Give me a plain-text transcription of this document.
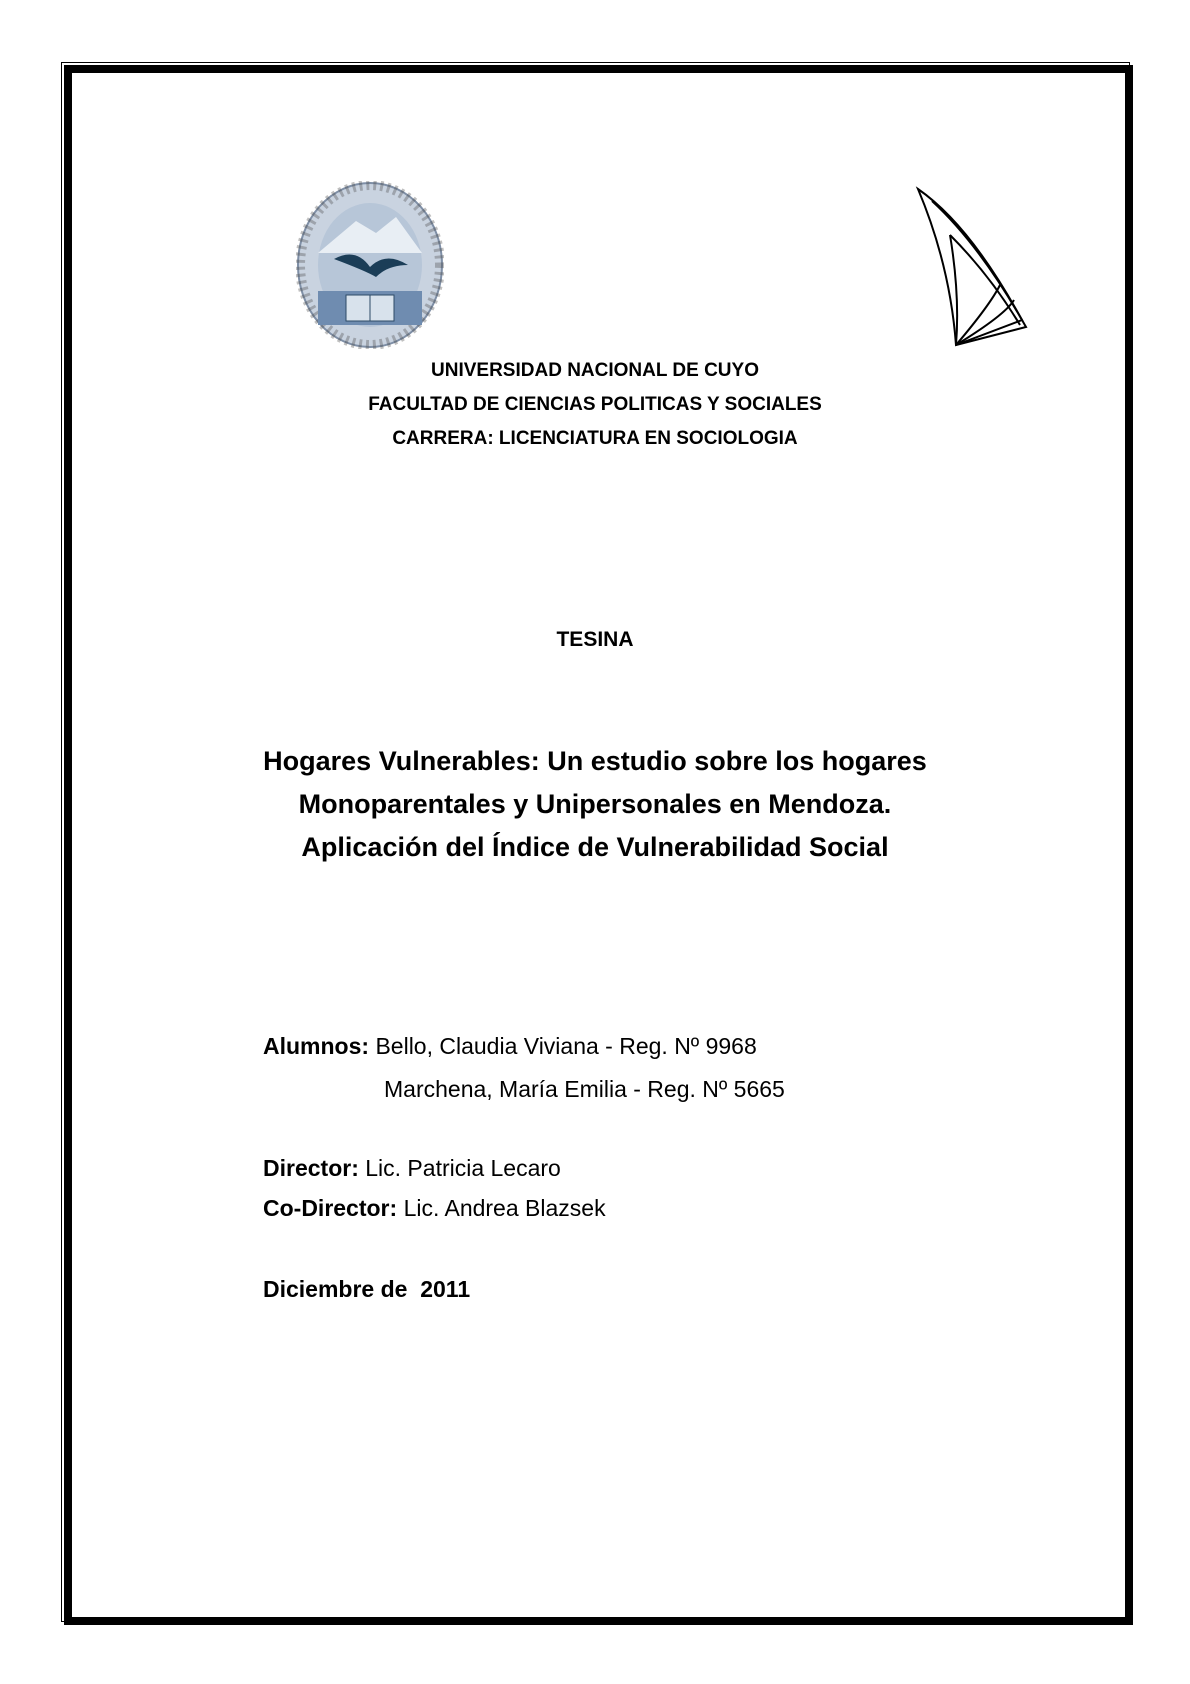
UNIVERSIDAD NACIONAL DE CUYO
FACULTAD DE CIENCIAS POLITICAS Y SOCIALES
CARRERA: LICENCIATURA EN SOCIOLOGIA
TESINA
Hogares Vulnerables: Un estudio sobre los hogares
Monoparentales y Unipersonales en Mendoza.
Aplicación del Índice de Vulnerabilidad Social
Alumnos: Bello, Claudia Viviana - Reg. Nº 9968
Marchena, María Emilia - Reg. Nº 5665
Director: Lic. Patricia Lecaro
Co-Director: Lic. Andrea Blazsek
Diciembre de  2011
